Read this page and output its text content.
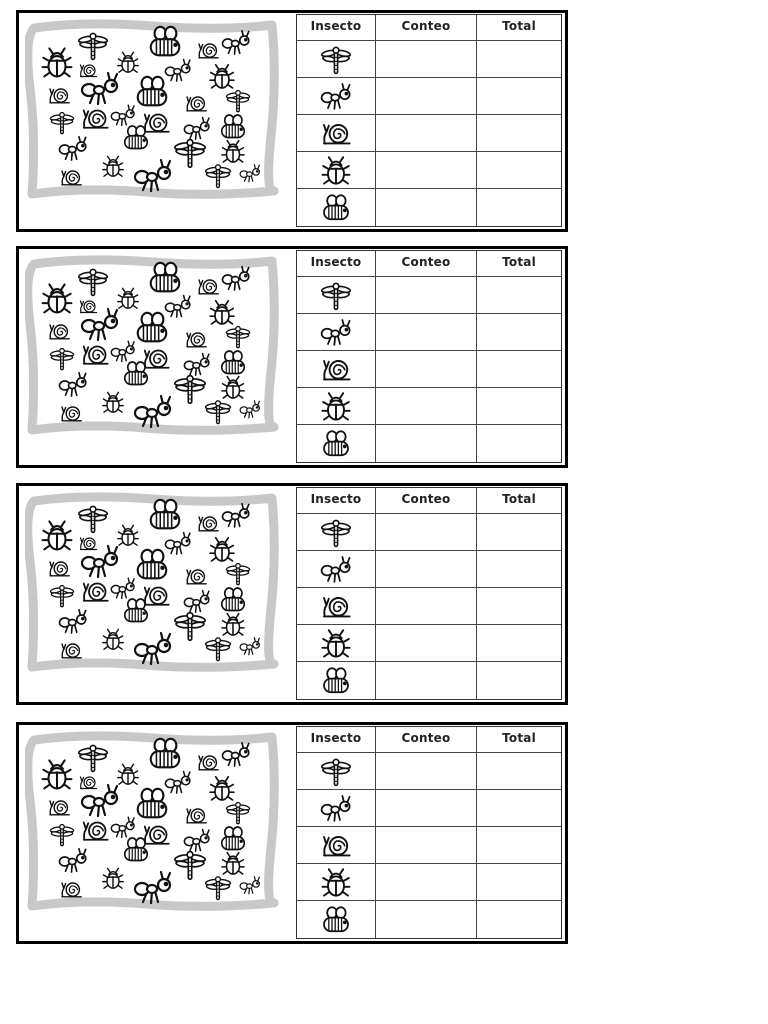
Insecto	Conteo	Total
Insecto	Conteo	Total
Insecto	Conteo	Total
Insecto	Conteo	Total
